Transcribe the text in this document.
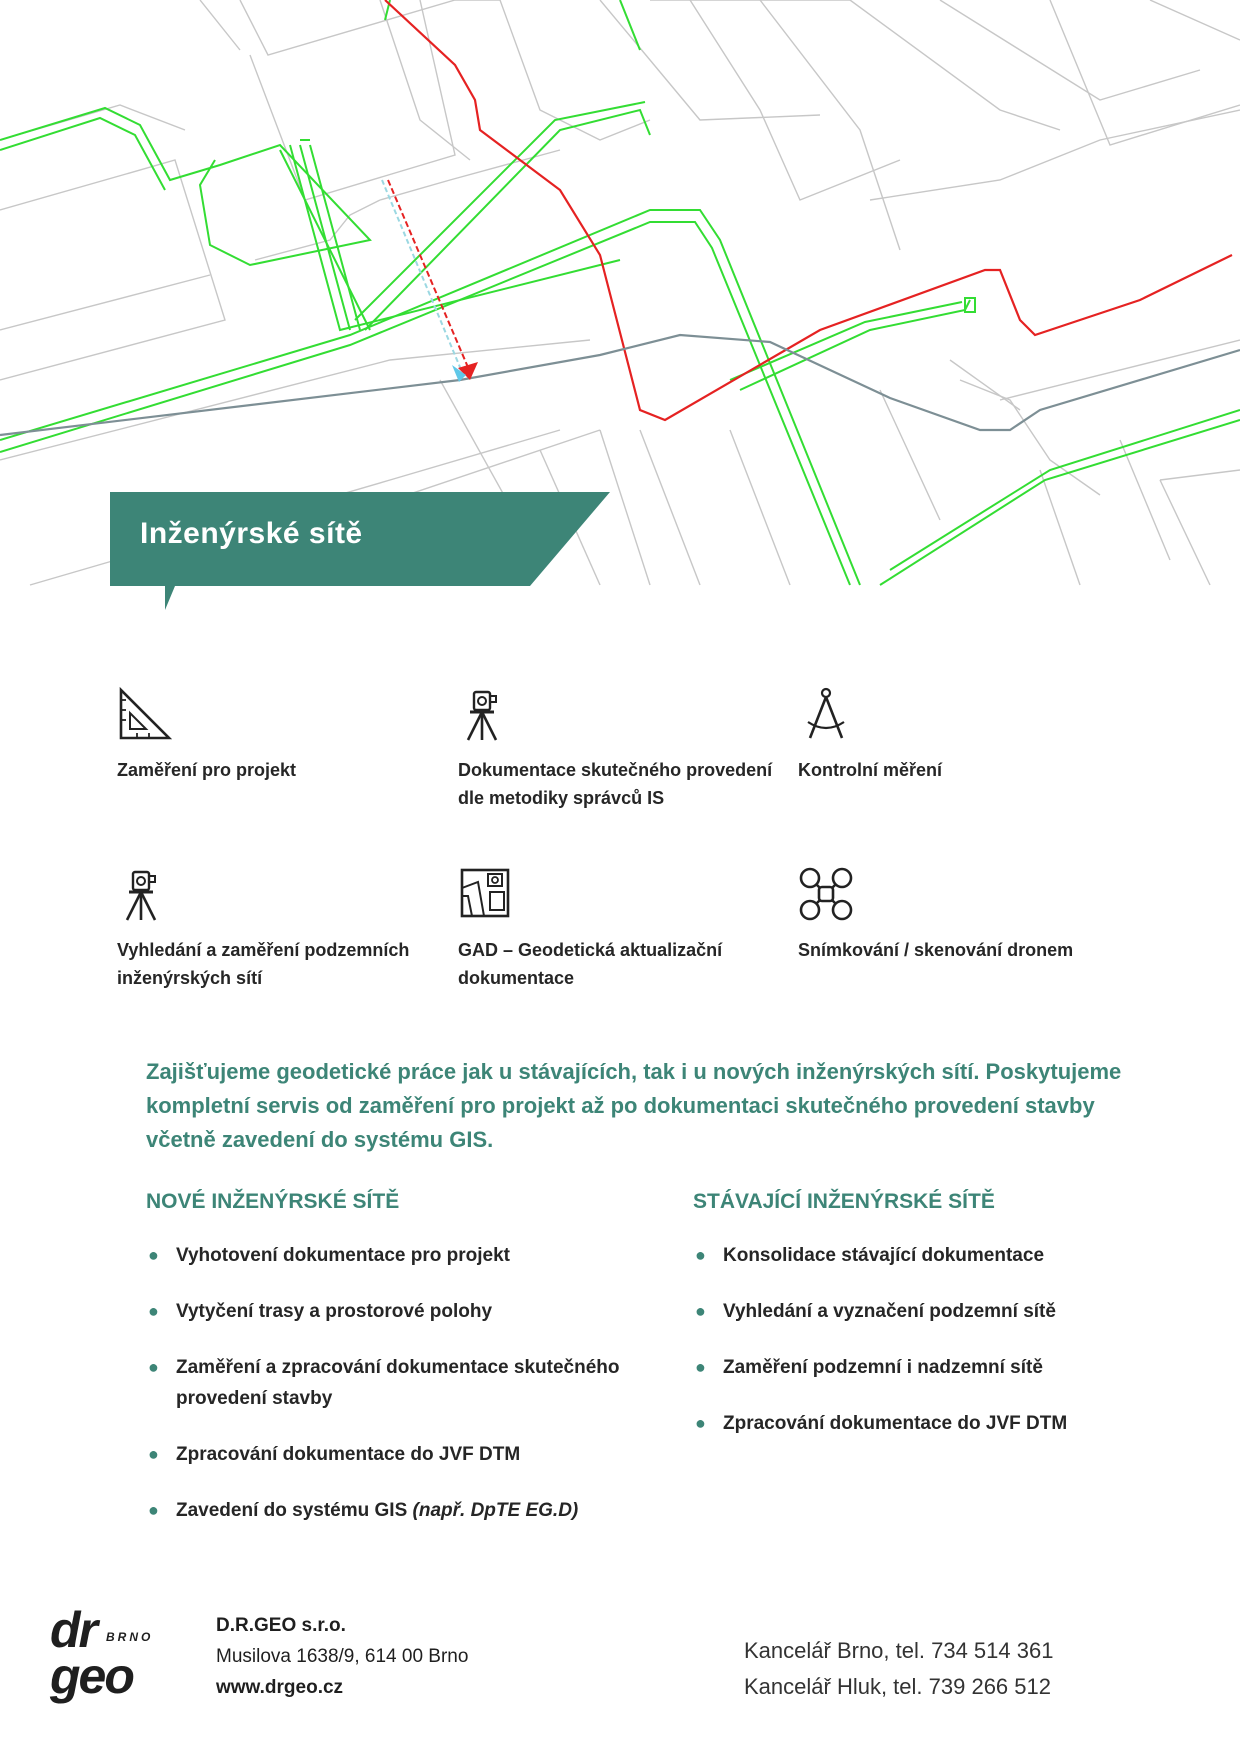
Inženýrské sítě
Zaměření pro projekt	Dokumentace skutečného provedení dle metodiky správců IS
Kontrolní měření
Vyhledání a zaměření podzemních inženýrských sítí
GAD – Geodetická aktualizační dokumentace
Snímkování / skenování dronem

Zajišťujeme geodetické práce jak u stávajících, tak i u nových inženýrských sítí. Poskytujeme kompletní servis od zaměření pro projekt až po dokumentaci skutečného provedení stavby včetně zavedení do systému GIS.

NOVÉ INŽENÝRSKÉ SÍTĚ
● Vyhotovení dokumentace pro projekt
● Vytyčení trasy a prostorové polohy
● Zaměření a zpracování dokumentace skutečného provedení stavby
● Zpracování dokumentace do JVF DTM
● Zavedení do systému GIS (např. DpTE EG.D)
STÁVAJÍCÍ INŽENÝRSKÉ SÍTĚ
● Konsolidace stávající dokumentace
● Vyhledání a vyznačení podzemní sítě
● Zaměření podzemní i nadzemní sítě
● Zpracování dokumentace do JVF DTM
dr
geo
BRNO
D.R.GEO s.r.o.
Musilova 1638/9, 614 00 Brno
www.drgeo.cz
Kancelář Brno, tel. 734 514 361
Kancelář Hluk, tel. 739 266 512
